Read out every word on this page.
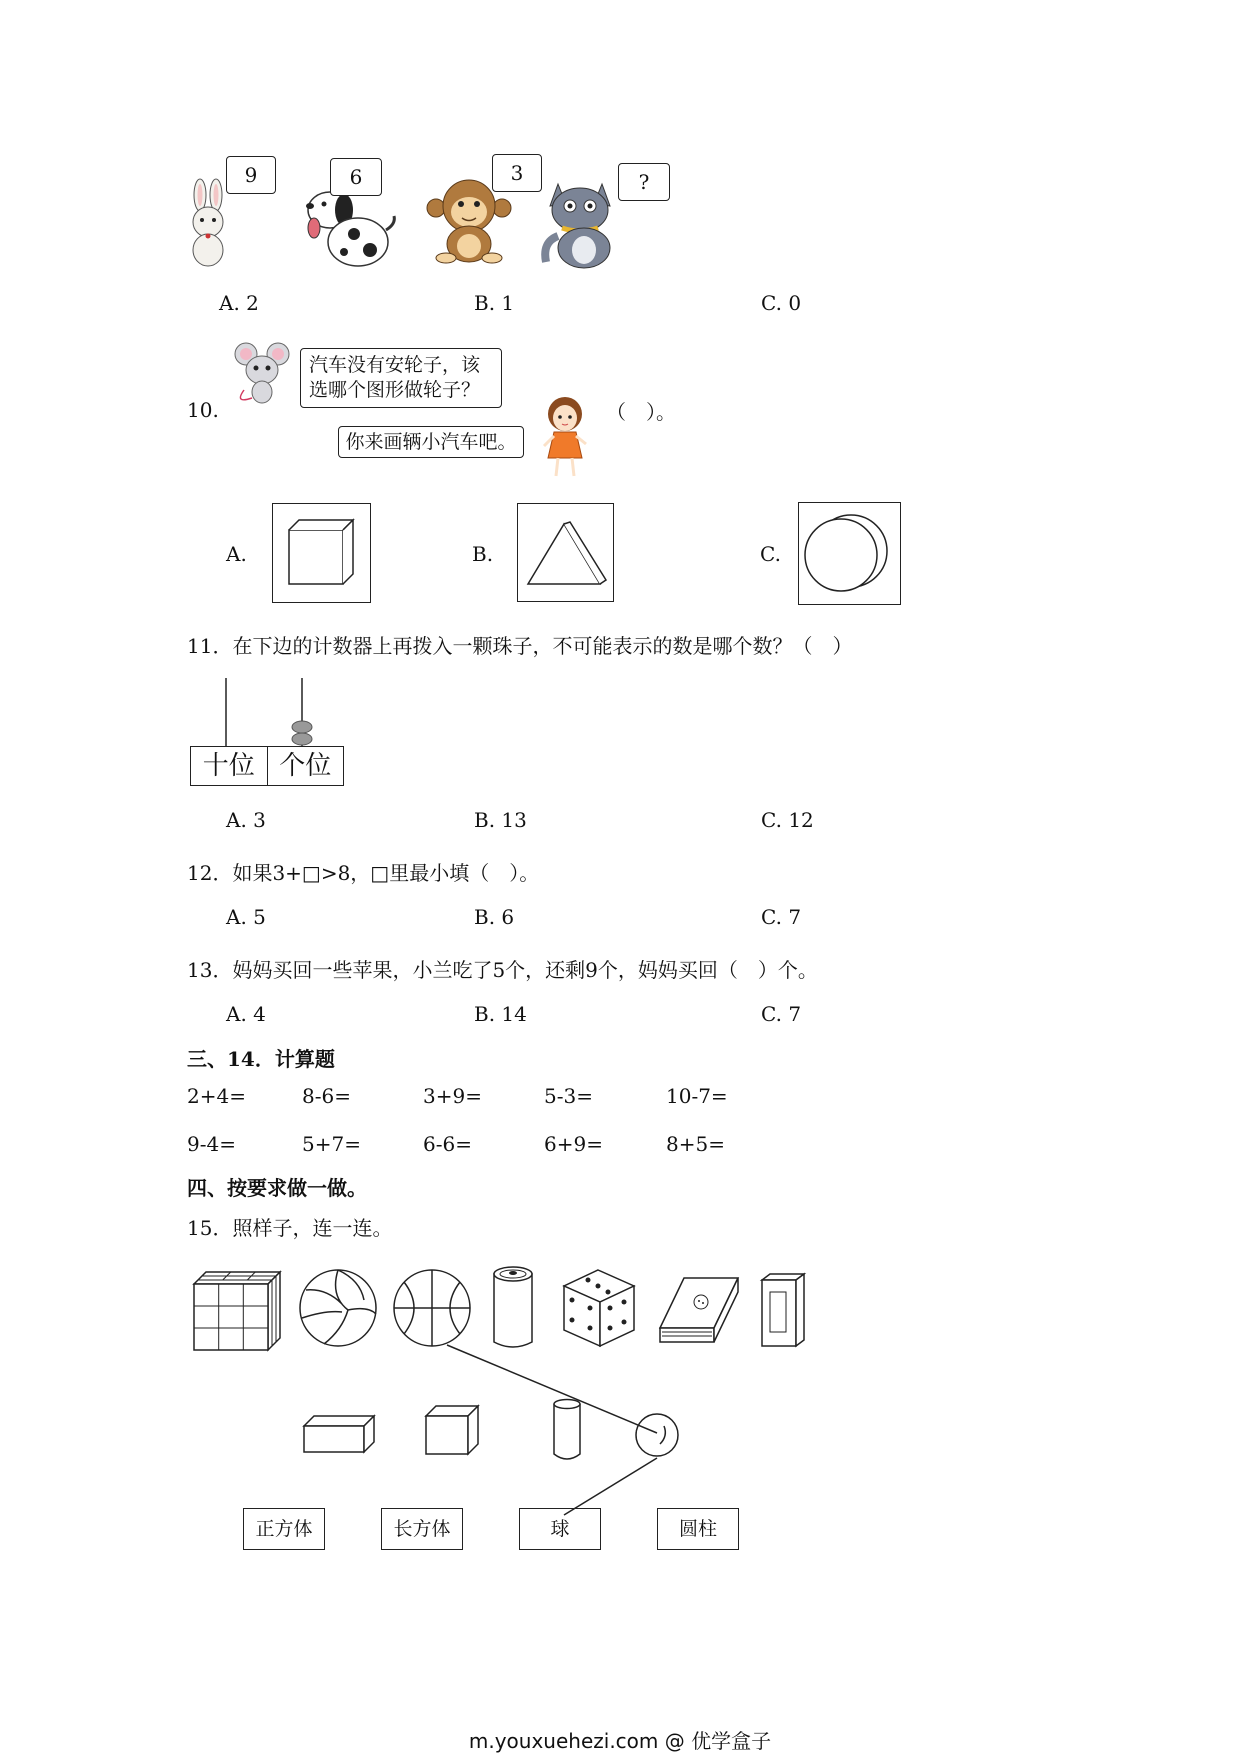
9	6	3	?
A. 2	B. 1	C. 0
10.
汽车没有安轮子，该选哪个图形做轮子？
你来画辆小汽车吧。
（　）。
A.	B.	C.
11．在下边的计数器上再拨入一颗珠子，不可能表示的数是哪个数？（　）
十位 个位
A. 3	B. 13	C. 12
12．如果3+□>8，□里最小填（　）。
A. 5	B. 6	C. 7
13．妈妈买回一些苹果，小兰吃了5个，还剩9个，妈妈买回（　）个。
A. 4	B. 14	C. 7
三、14．计算题
2+4=	8-6=	3+9=	5-3=	10-7=
9-4=	5+7=	6-6=	6+9=	8+5=
四、按要求做一做。
15．照样子，连一连。
正方体	长方体	球	圆柱
m.youxuehezi.com @ 优学盒子
